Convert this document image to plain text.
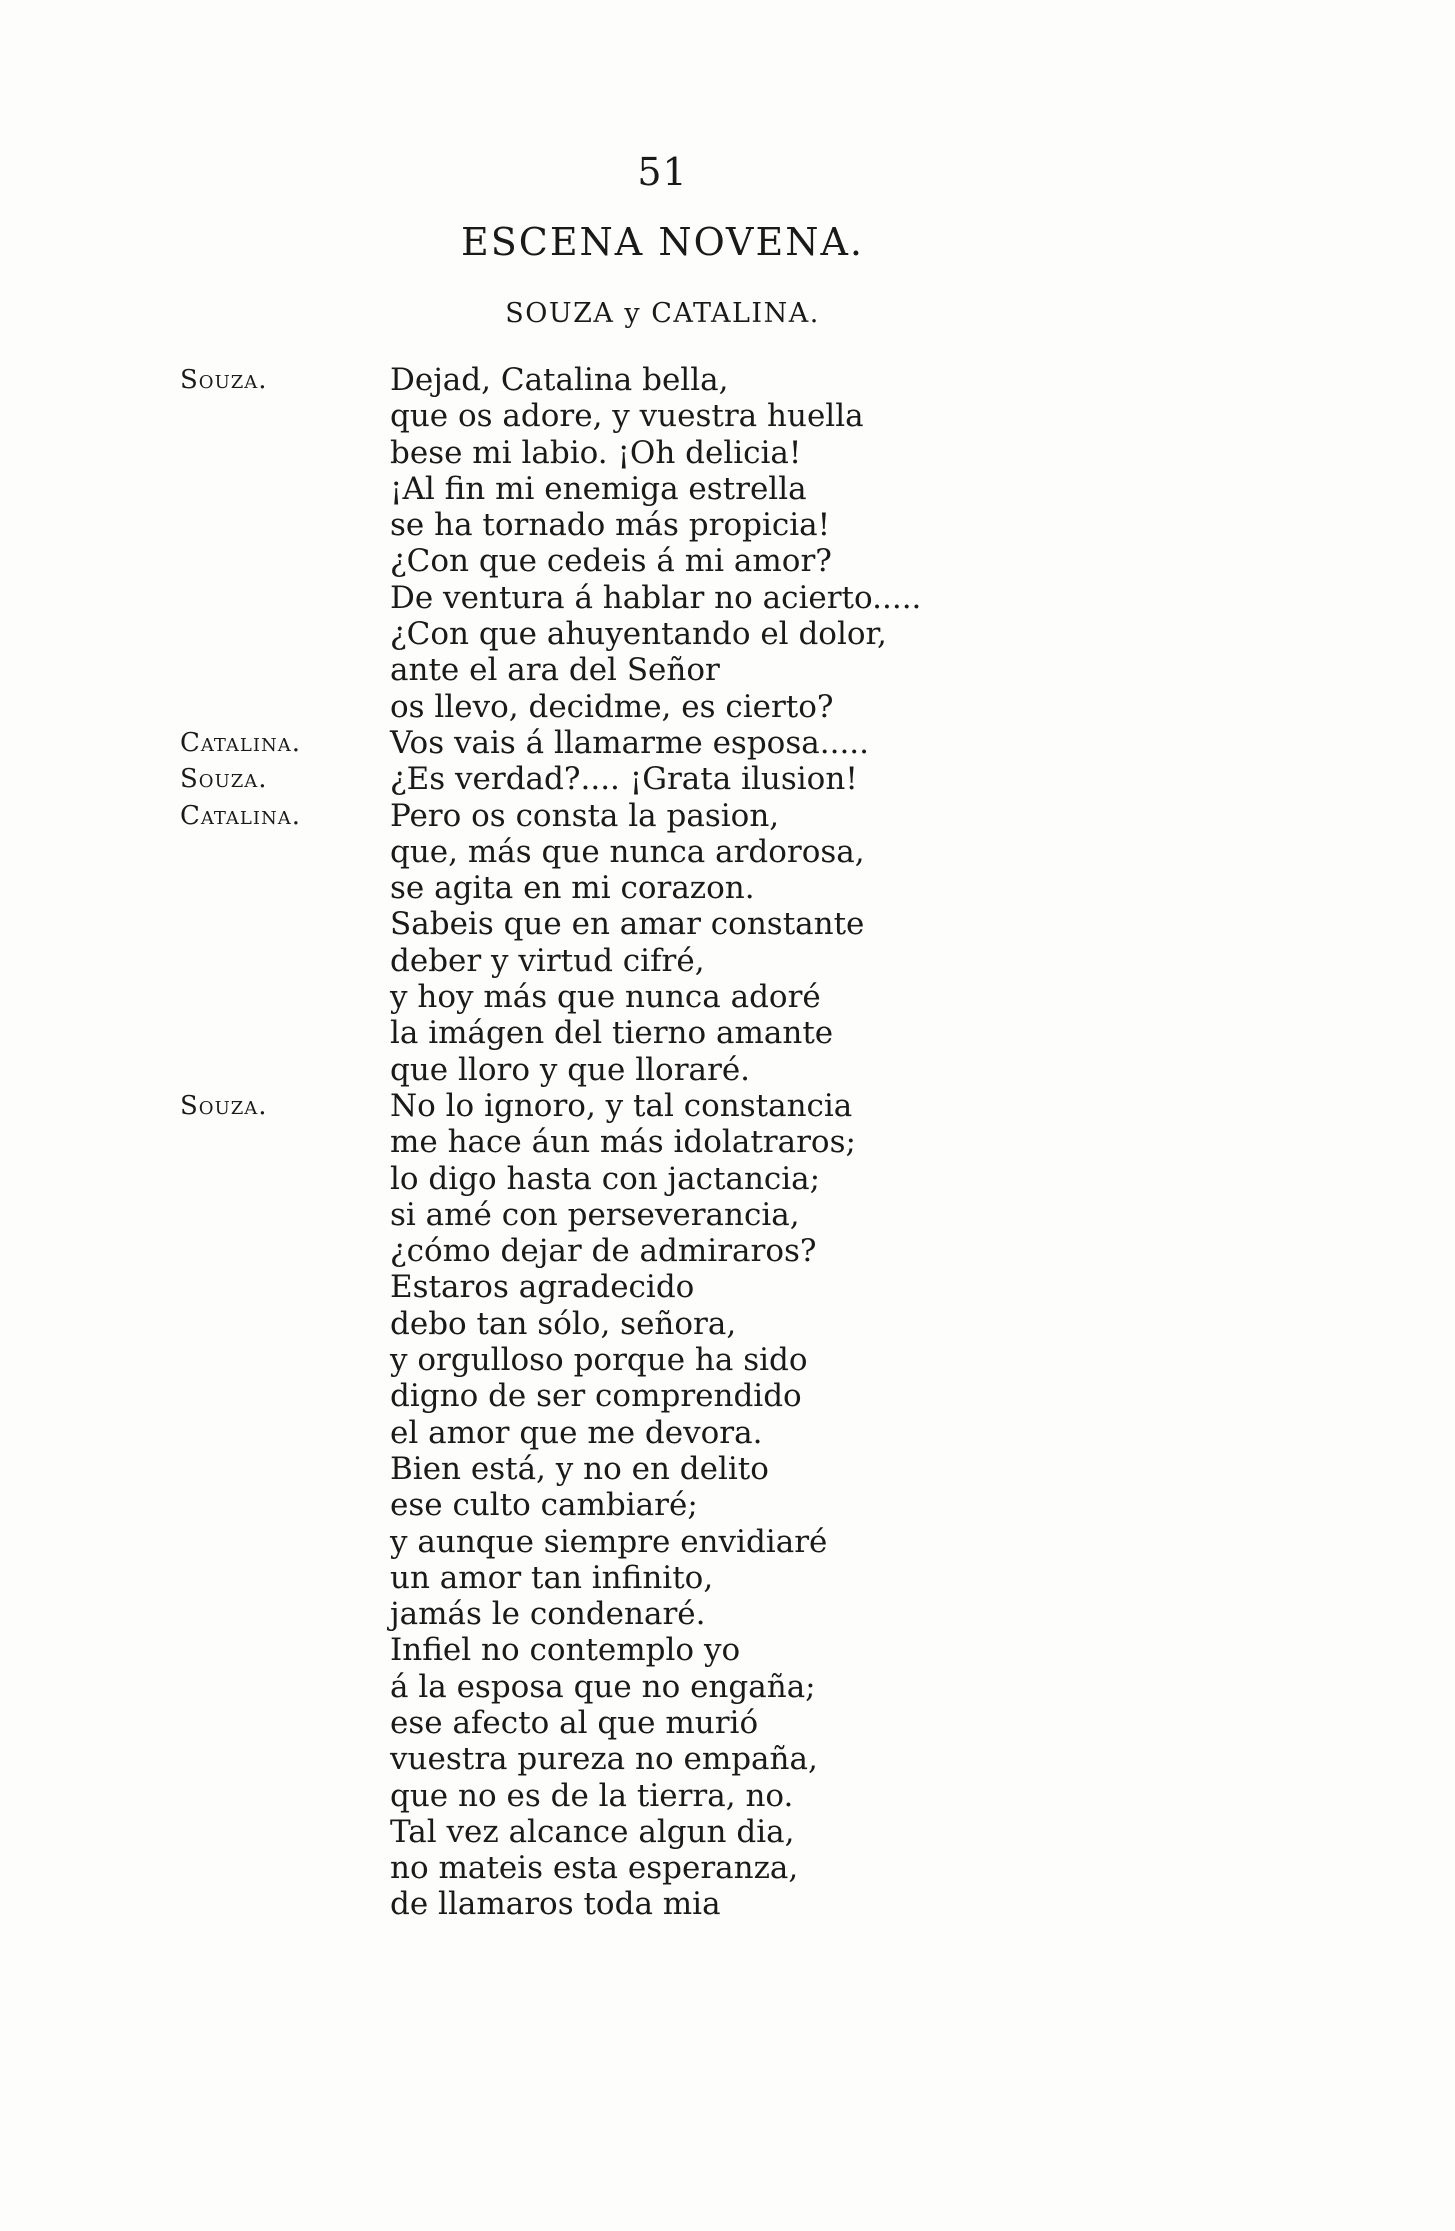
51
ESCENA NOVENA.
SOUZA y CATALINA.
Souza.	Dejad, Catalina bella,
que os adore, y vuestra huella
bese mi labio. ¡Oh delicia!
¡Al fin mi enemiga estrella
se ha tornado más propicia!
¿Con que cedeis á mi amor?
De ventura á hablar no acierto.....
¿Con que ahuyentando el dolor,
ante el ara del Señor
os llevo, decidme, es cierto?
Catalina.	Vos vais á llamarme esposa.....
Souza.	¿Es verdad?.... ¡Grata ilusion!
Catalina.	Pero os consta la pasion,
que, más que nunca ardorosa,
se agita en mi corazon.
Sabeis que en amar constante
deber y virtud cifré,
y hoy más que nunca adoré
la imágen del tierno amante
que lloro y que lloraré.
Souza.	No lo ignoro, y tal constancia
me hace áun más idolatraros;
lo digo hasta con jactancia;
si amé con perseverancia,
¿cómo dejar de admiraros?
Estaros agradecido
debo tan sólo, señora,
y orgulloso porque ha sido
digno de ser comprendido
el amor que me devora.
Bien está, y no en delito
ese culto cambiaré;
y aunque siempre envidiaré
un amor tan infinito,
jamás le condenaré.
Infiel no contemplo yo
á la esposa que no engaña;
ese afecto al que murió
vuestra pureza no empaña,
que no es de la tierra, no.
Tal vez alcance algun dia,
no mateis esta esperanza,
de llamaros toda mia
